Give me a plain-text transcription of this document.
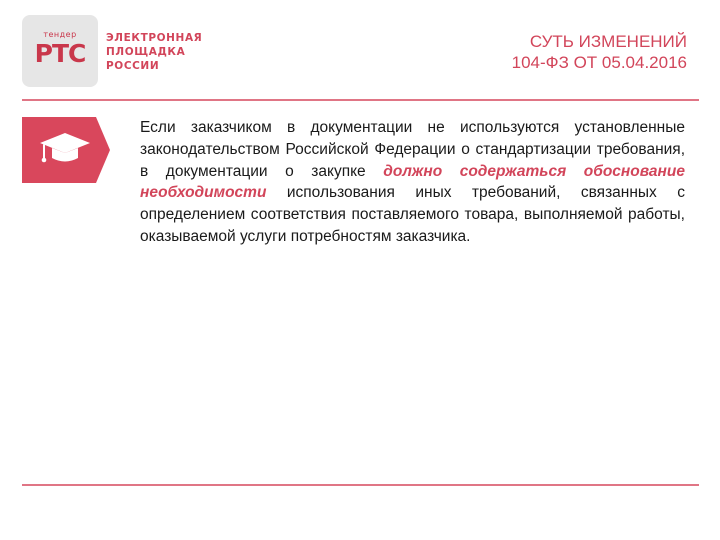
тендер
РТС
ЭЛЕКТРОННАЯ
ПЛОЩАДКА
РОССИИ
СУТЬ ИЗМЕНЕНИЙ
104-ФЗ ОТ 05.04.2016
Если заказчиком в документации не используются установленные законодательством Российской Федерации о стандартизации требования, в документации о закупке должно содержаться обоснование необходимости использования иных требований, связанных с определением соответствия поставляемого товара, выполняемой работы, оказываемой услуги потребностям заказчика.
